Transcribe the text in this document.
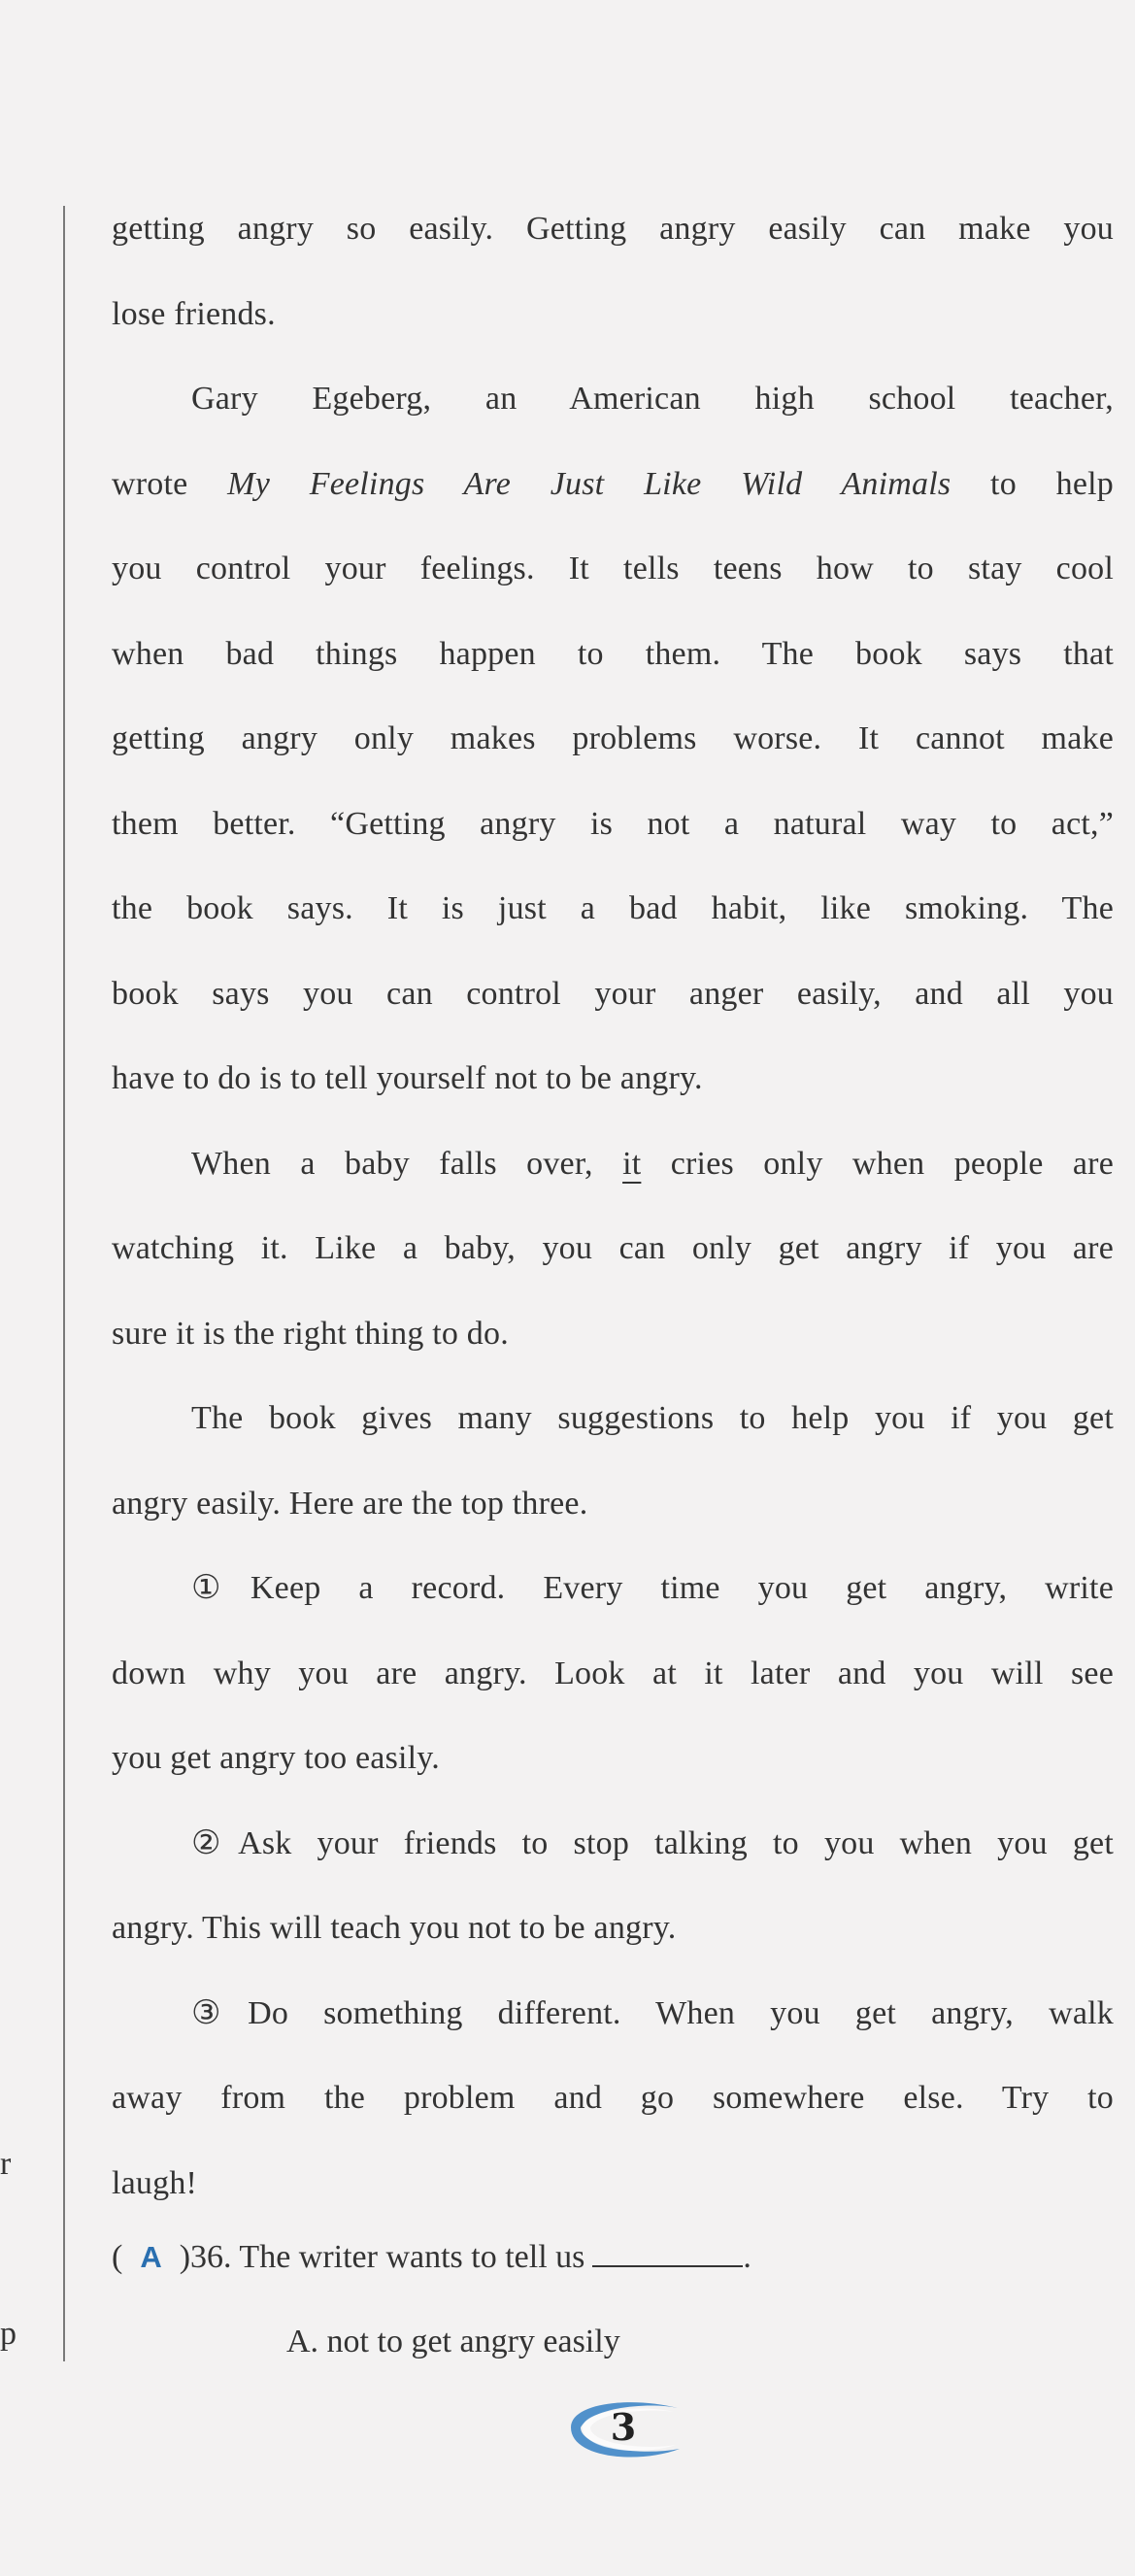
r
p
getting angry so easily. Getting angry easily can make you
lose friends.
Gary Egeberg, an American high school teacher,
wrote My Feelings Are Just Like Wild Animals to help
you control your feelings. It tells teens how to stay cool
when bad things happen to them. The book says that
getting angry only makes problems worse. It cannot make
them better. “Getting angry is not a natural way to act,”
the book says. It is just a bad habit, like smoking. The
book says you can control your anger easily, and all you
have to do is to tell yourself not to be angry.
When a baby falls over, it cries only when people are
watching it. Like a baby, you can only get angry if you are
sure it is the right thing to do.
The book gives many suggestions to help you if you get
angry easily. Here are the top three.
①Keep a record. Every time you get angry, write
down why you are angry. Look at it later and you will see
you get angry too easily.
②Ask your friends to stop talking to you when you get
angry. This will teach you not to be angry.
③Do something different. When you get angry, walk
away from the problem and go somewhere else. Try to
laugh!
( A )36. The writer wants to tell us	.
A. not to get angry easily
3
